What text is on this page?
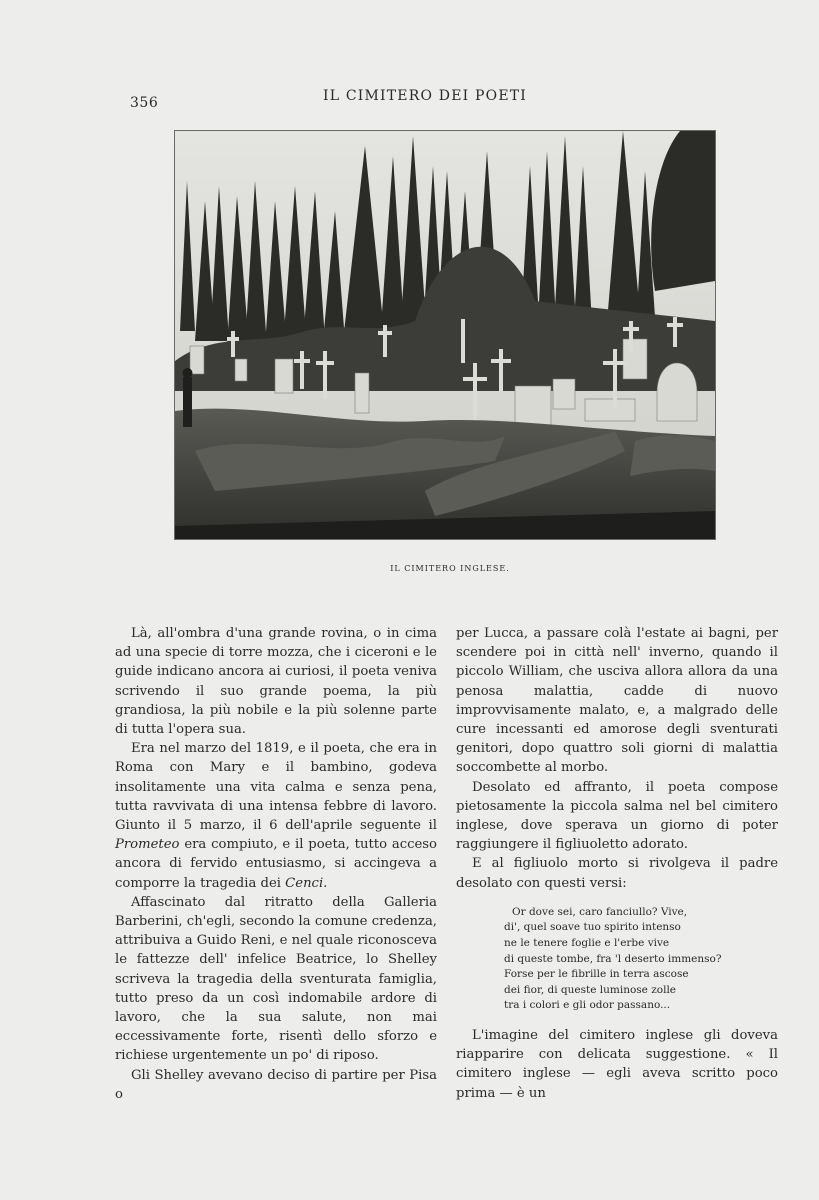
356	IL CIMITERO DEI POETI
IL CIMITERO INGLESE.

Là, all'ombra d'una grande rovina, o in cima ad una specie di torre mozza, che i ciceroni e le guide indicano ancora ai curiosi, il poeta veniva scrivendo il suo grande poema, la più grandiosa, la più nobile e la più solenne parte di tutta l'opera sua.

Era nel marzo del 1819, e il poeta, che era in Roma con Mary e il bambino, godeva insolitamente una vita calma e senza pena, tutta ravvivata di una intensa febbre di lavoro. Giunto il 5 marzo, il 6 dell'aprile seguente il Prometeo era compiuto, e il poeta, tutto acceso ancora di fervido entusiasmo, si accingeva a comporre la tragedia dei Cenci.

Affascinato dal ritratto della Galleria Barberini, ch'egli, secondo la comune credenza, attribuiva a Guido Reni, e nel quale riconosceva le fattezze dell' infelice Beatrice, lo Shelley scriveva la tragedia della sventurata famiglia, tutto preso da un così indomabile ardore di lavoro, che la sua salute, non mai eccessivamente forte, risentì dello sforzo e richiese urgentemente un po' di riposo.

Gli Shelley avevano deciso di partire per Pisa o

per Lucca, a passare colà l'estate ai bagni, per scendere poi in città nell' inverno, quando il piccolo William, che usciva allora allora da una penosa malattia, cadde di nuovo improvvisamente malato, e, a malgrado delle cure incessanti ed amorose degli sventurati genitori, dopo quattro soli giorni di malattia soccombette al morbo.

Desolato ed affranto, il poeta compose pietosamente la piccola salma nel bel cimitero inglese, dove sperava un giorno di poter raggiungere il figliuoletto adorato.

E al figliuolo morto si rivolgeva il padre desolato con questi versi:

Or dove sei, caro fanciullo? Vive,
di', quel soave tuo spirito intenso
ne le tenere foglie e l'erbe vive
di queste tombe, fra 'l deserto immenso?
Forse per le fibrille in terra ascose
dei fior, di queste luminose zolle
tra i colori e gli odor passano...

L'imagine del cimitero inglese gli doveva riapparire con delicata suggestione. « Il cimitero inglese — egli aveva scritto poco prima — è un
